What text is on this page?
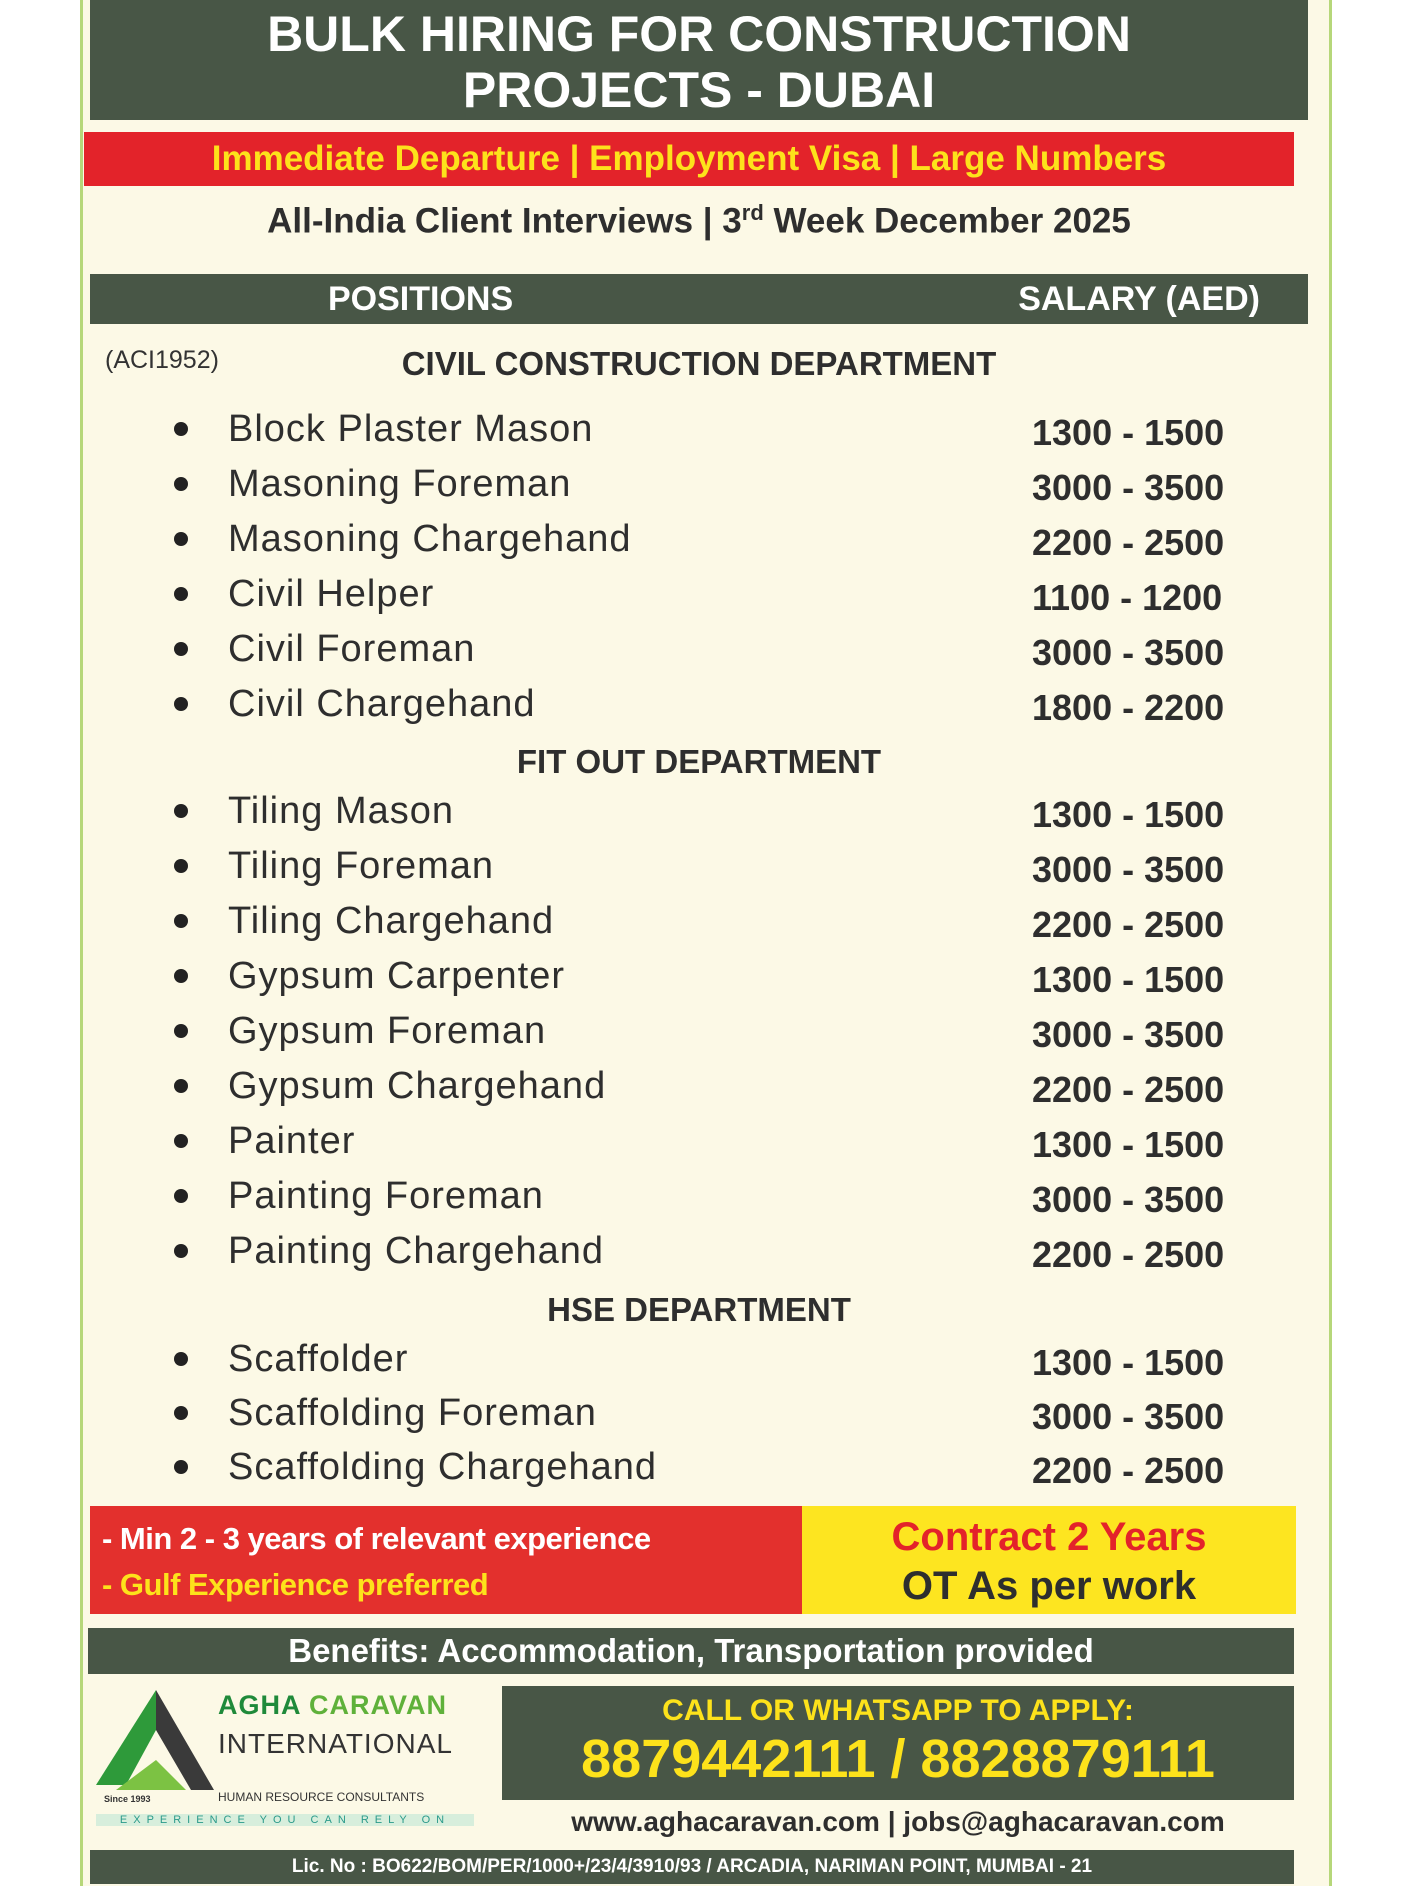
BULK HIRING FOR CONSTRUCTION
PROJECTS - DUBAI
Immediate Departure | Employment Visa | Large Numbers
All-India Client Interviews | 3rd Week December 2025
POSITIONS	SALARY (AED)
(ACI1952)	CIVIL CONSTRUCTION DEPARTMENT
Block Plaster Mason	1300 - 1500
Masoning Foreman	3000 - 3500
Masoning Chargehand	2200 - 2500
Civil Helper	1100 - 1200
Civil Foreman	3000 - 3500
Civil Chargehand	1800 - 2200
FIT OUT DEPARTMENT
Tiling Mason	1300 - 1500
Tiling Foreman	3000 - 3500
Tiling Chargehand	2200 - 2500
Gypsum Carpenter	1300 - 1500
Gypsum Foreman	3000 - 3500
Gypsum Chargehand	2200 - 2500
Painter	1300 - 1500
Painting Foreman	3000 - 3500
Painting Chargehand	2200 - 2500
HSE DEPARTMENT
Scaffolder	1300 - 1500
Scaffolding Foreman	3000 - 3500
Scaffolding Chargehand	2200 - 2500
- Min 2 - 3 years of relevant experience
- Gulf Experience preferred
Contract 2 Years
OT As per work
Benefits: Accommodation, Transportation provided
Since 1993
AGHA CARAVAN
INTERNATIONAL
HUMAN RESOURCE CONSULTANTS
EXPERIENCE YOU CAN RELY ON
CALL OR WHATSAPP TO APPLY:
8879442111 / 8828879111
www.aghacaravan.com | jobs@aghacaravan.com
Lic. No : BO622/BOM/PER/1000+/23/4/3910/93 / ARCADIA, NARIMAN POINT, MUMBAI - 21
